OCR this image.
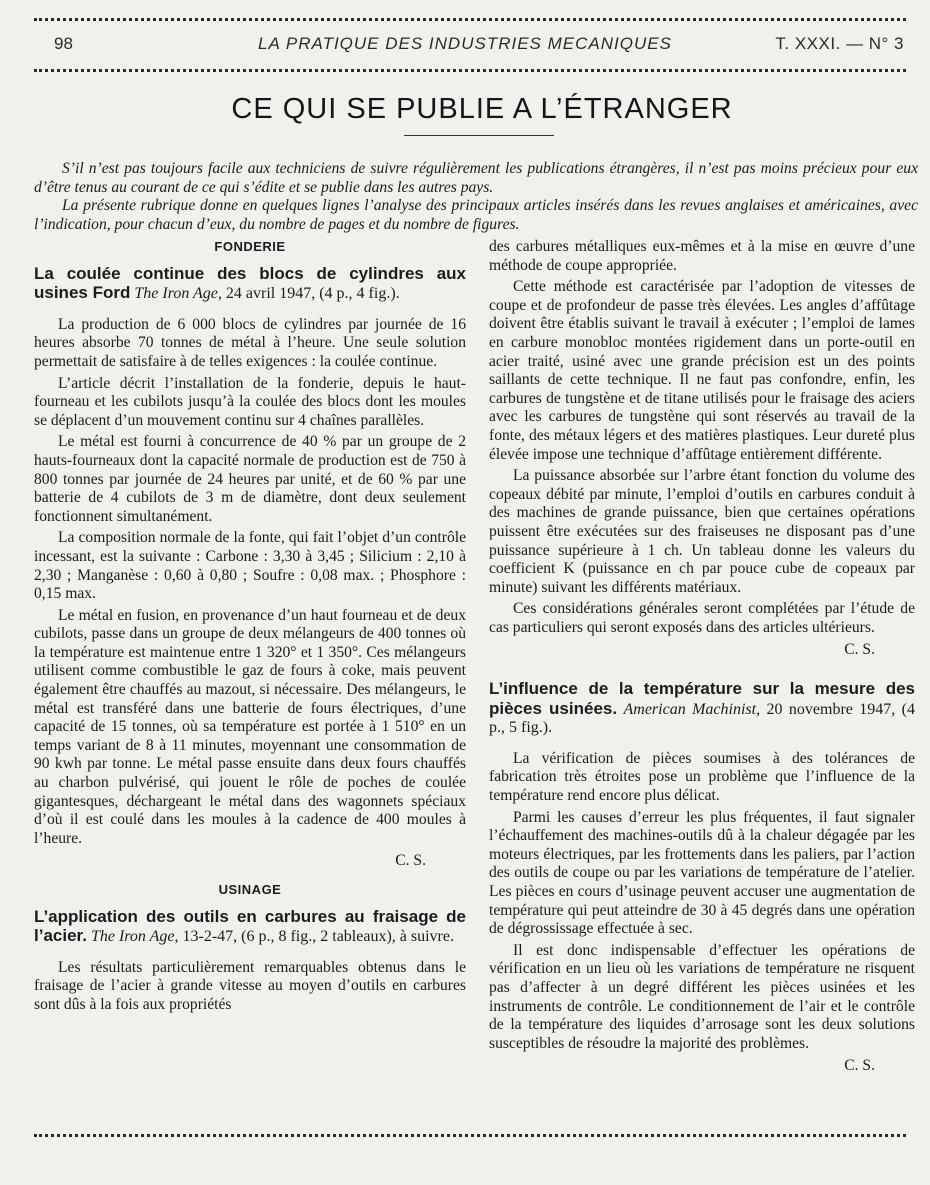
98	LA PRATIQUE DES INDUSTRIES MECANIQUES	T. XXXI. — N° 3
CE QUI SE PUBLIE A L’ÉTRANGER

S’il n’est pas toujours facile aux techniciens de suivre régulièrement les publications étrangères, il n’est pas moins précieux pour eux d’être tenus au courant de ce qui s’édite et se publie dans les autres pays.

La présente rubrique donne en quelques lignes l’analyse des principaux articles insérés dans les revues anglaises et américaines, avec l’indication, pour chacun d’eux, du nombre de pages et du nombre de figures.

FONDERIE
La coulée continue des blocs de cylindres aux usines Ford The Iron Age, 24 avril 1947, (4 p., 4 fig.).

La production de 6 000 blocs de cylindres par journée de 16 heures absorbe 70 tonnes de métal à l’heure. Une seule solution permettait de satisfaire à de telles exigences : la coulée continue.

L’article décrit l’installation de la fonderie, depuis le haut-fourneau et les cubilots jusqu’à la coulée des blocs dont les moules se déplacent d’un mouvement continu sur 4 chaînes parallèles.

Le métal est fourni à concurrence de 40 % par un groupe de 2 hauts-fourneaux dont la capacité normale de production est de 750 à 800 tonnes par journée de 24 heures par unité, et de 60 % par une batterie de 4 cubilots de 3 m de diamètre, dont deux seulement fonctionnent simultanément.

La composition normale de la fonte, qui fait l’objet d’un contrôle incessant, est la suivante : Carbone : 3,30 à 3,45 ; Silicium : 2,10 à 2,30 ; Manganèse : 0,60 à 0,80 ; Soufre : 0,08 max. ; Phosphore : 0,15 max.

Le métal en fusion, en provenance d’un haut fourneau et de deux cubilots, passe dans un groupe de deux mélangeurs de 400 tonnes où la température est maintenue entre 1 320° et 1 350°. Ces mélangeurs utilisent comme combustible le gaz de fours à coke, mais peuvent également être chauffés au mazout, si nécessaire. Des mélangeurs, le métal est transféré dans une batterie de fours électriques, d’une capacité de 15 tonnes, où sa température est portée à 1 510° en un temps variant de 8 à 11 minutes, moyennant une consommation de 90 kwh par tonne. Le métal passe ensuite dans deux fours chauffés au charbon pulvérisé, qui jouent le rôle de poches de coulée gigantesques, déchargeant le métal dans des wagonnets spéciaux d’où il est coulé dans les moules à la cadence de 400 moules à l’heure.

C. S.

USINAGE
L’application des outils en carbures au fraisage de l’acier. The Iron Age, 13-2-47, (6 p., 8 fig., 2 tableaux), à suivre.

Les résultats particulièrement remarquables obtenus dans le fraisage de l’acier à grande vitesse au moyen d’outils en carbures sont dûs à la fois aux propriétés

des carbures métalliques eux-mêmes et à la mise en œuvre d’une méthode de coupe appropriée.

Cette méthode est caractérisée par l’adoption de vitesses de coupe et de profondeur de passe très élevées. Les angles d’affûtage doivent être établis suivant le travail à exécuter ; l’emploi de lames en carbure monobloc montées rigidement dans un porte-outil en acier traité, usiné avec une grande précision est un des points saillants de cette technique. Il ne faut pas confondre, enfin, les carbures de tungstène et de titane utilisés pour le fraisage des aciers avec les carbures de tungstène qui sont réservés au travail de la fonte, des métaux légers et des matières plastiques. Leur dureté plus élevée impose une technique d’affûtage entièrement différente.

La puissance absorbée sur l’arbre étant fonction du volume des copeaux débité par minute, l’emploi d’outils en carbures conduit à des machines de grande puissance, bien que certaines opérations puissent être exécutées sur des fraiseuses ne disposant pas d’une puissance supérieure à 1 ch. Un tableau donne les valeurs du coefficient K (puissance en ch par pouce cube de copeaux par minute) suivant les différents matériaux.

Ces considérations générales seront complétées par l’étude de cas particuliers qui seront exposés dans des articles ultérieurs.

C. S.

L’influence de la température sur la mesure des pièces usinées. American Machinist, 20 novembre 1947, (4 p., 5 fig.).

La vérification de pièces soumises à des tolérances de fabrication très étroites pose un problème que l’influence de la température rend encore plus délicat.

Parmi les causes d’erreur les plus fréquentes, il faut signaler l’échauffement des machines-outils dû à la chaleur dégagée par les moteurs électriques, par les frottements dans les paliers, par l’action des outils de coupe ou par les variations de température de l’atelier. Les pièces en cours d’usinage peuvent accuser une augmentation de température qui peut atteindre de 30 à 45 degrés dans une opération de dégrossissage effectuée à sec.

Il est donc indispensable d’effectuer les opérations de vérification en un lieu où les variations de température ne risquent pas d’affecter à un degré différent les pièces usinées et les instruments de contrôle. Le conditionnement de l’air et le contrôle de la température des liquides d’arrosage sont les deux solutions susceptibles de résoudre la majorité des problèmes.

C. S.
